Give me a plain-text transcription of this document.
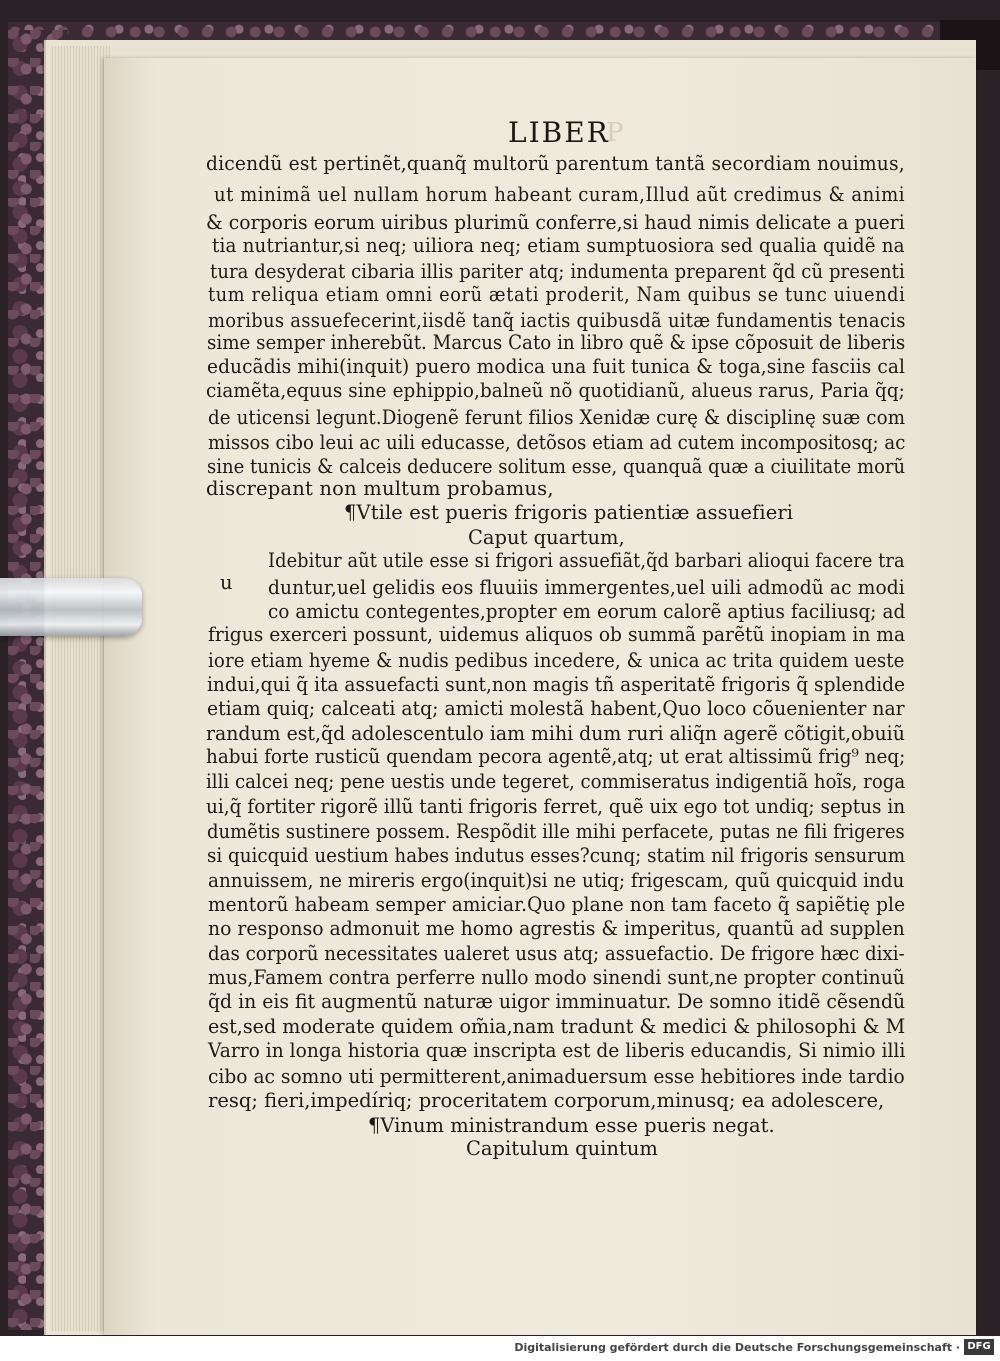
P
LIBER
dicendũ est pertinẽt,quanq̃ multorũ parentum tantã secordiam nouimus,
ut minimã uel nullam horum habeant curam,Illud aũt credimus & animi
& corporis eorum uiribus plurimũ conferre,si haud nimis delicate a pueri
tia nutriantur,si neq; uiliora neq; etiam sumptuosiora sed qualia quidẽ na
tura desyderat cibaria illis pariter atq; indumenta preparent q̃d cũ presenti
tum reliqua etiam omni eorũ ætati proderit, Nam quibus se tunc uiuendi
moribus assuefecerint,iisdẽ tanq̃ iactis quibusdã uitæ fundamentis tenacis
sime semper inherebũt. Marcus Cato in libro quẽ & ipse cõposuit de liberis
educãdis mihi(inquit) puero modica una fuit tunica & toga,sine fasciis cal
ciamẽta,equus sine ephippio,balneũ nõ quotidianũ, alueus rarus, Paria q̃q;
de uticensi legunt.Diogenẽ ferunt filios Xenidæ curę & disciplinę suæ com
missos cibo leui ac uili educasse, detõsos etiam ad cutem incompositosq; ac
sine tunicis & calceis deducere solitum esse, quanquã quæ a ciuilitate morũ
discrepant non multum probamus,
¶Vtile est pueris frigoris patientiæ assuefieri
Caput quartum,
Idebitur aũt utile esse si frigori assuefiãt,q̃d barbari alioqui facere tra
u duntur,uel gelidis eos fluuiis immergentes,uel uili admodũ ac modi
co amictu contegentes,propter em eorum calorẽ aptius faciliusq; ad
frigus exerceri possunt, uidemus aliquos ob summã parẽtũ inopiam in ma
iore etiam hyeme & nudis pedibus incedere, & unica ac trita quidem ueste
indui,qui q̃ ita assuefacti sunt,non magis tñ asperitatẽ frigoris q̃ splendide
etiam quiq; calceati atq; amicti molestã habent,Quo loco cõuenienter nar
randum est,q̃d adolescentulo iam mihi dum ruri aliq̃n agerẽ cõtigit,obuiũ
habui forte rusticũ quendam pecora agentẽ,atq; ut erat altissimũ frig⁹ neq;
illi calcei neq; pene uestis unde tegeret, commiseratus indigentiã hoĩs, roga
ui,q̃ fortiter rigorẽ illũ tanti frigoris ferret, quẽ uix ego tot undiq; septus in
dumẽtis sustinere possem. Respõdit ille mihi perfacete, putas ne fili frigeres
si quicquid uestium habes indutus esses?cunq; statim nil frigoris sensurum
annuissem, ne mireris ergo(inquit)si ne utiq; frigescam, quũ quicquid indu
mentorũ habeam semper amiciar.Quo plane non tam faceto q̃ sapiẽtię ple
no responso admonuit me homo agrestis & imperitus, quantũ ad supplen
das corporũ necessitates ualeret usus atq; assuefactio. De frigore hæc dixi-
mus,Famem contra perferre nullo modo sinendi sunt,ne propter continuũ
q̃d in eis fit augmentũ naturæ uigor imminuatur. De somno itidẽ cẽsendũ
est,sed moderate quidem om̃ia,nam tradunt & medici & philosophi & M
Varro in longa historia quæ inscripta est de liberis educandis, Si nimio illi
cibo ac somno uti permitterent,animaduersum esse hebitiores inde tardio
resq; fieri,impedíriq; proceritatem corporum,minusq; ea adolescere,
¶Vinum ministrandum esse pueris negat.
Capitulum quintum
Digitalisierung gefördert durch die Deutsche Forschungsgemeinschaft · DFG
